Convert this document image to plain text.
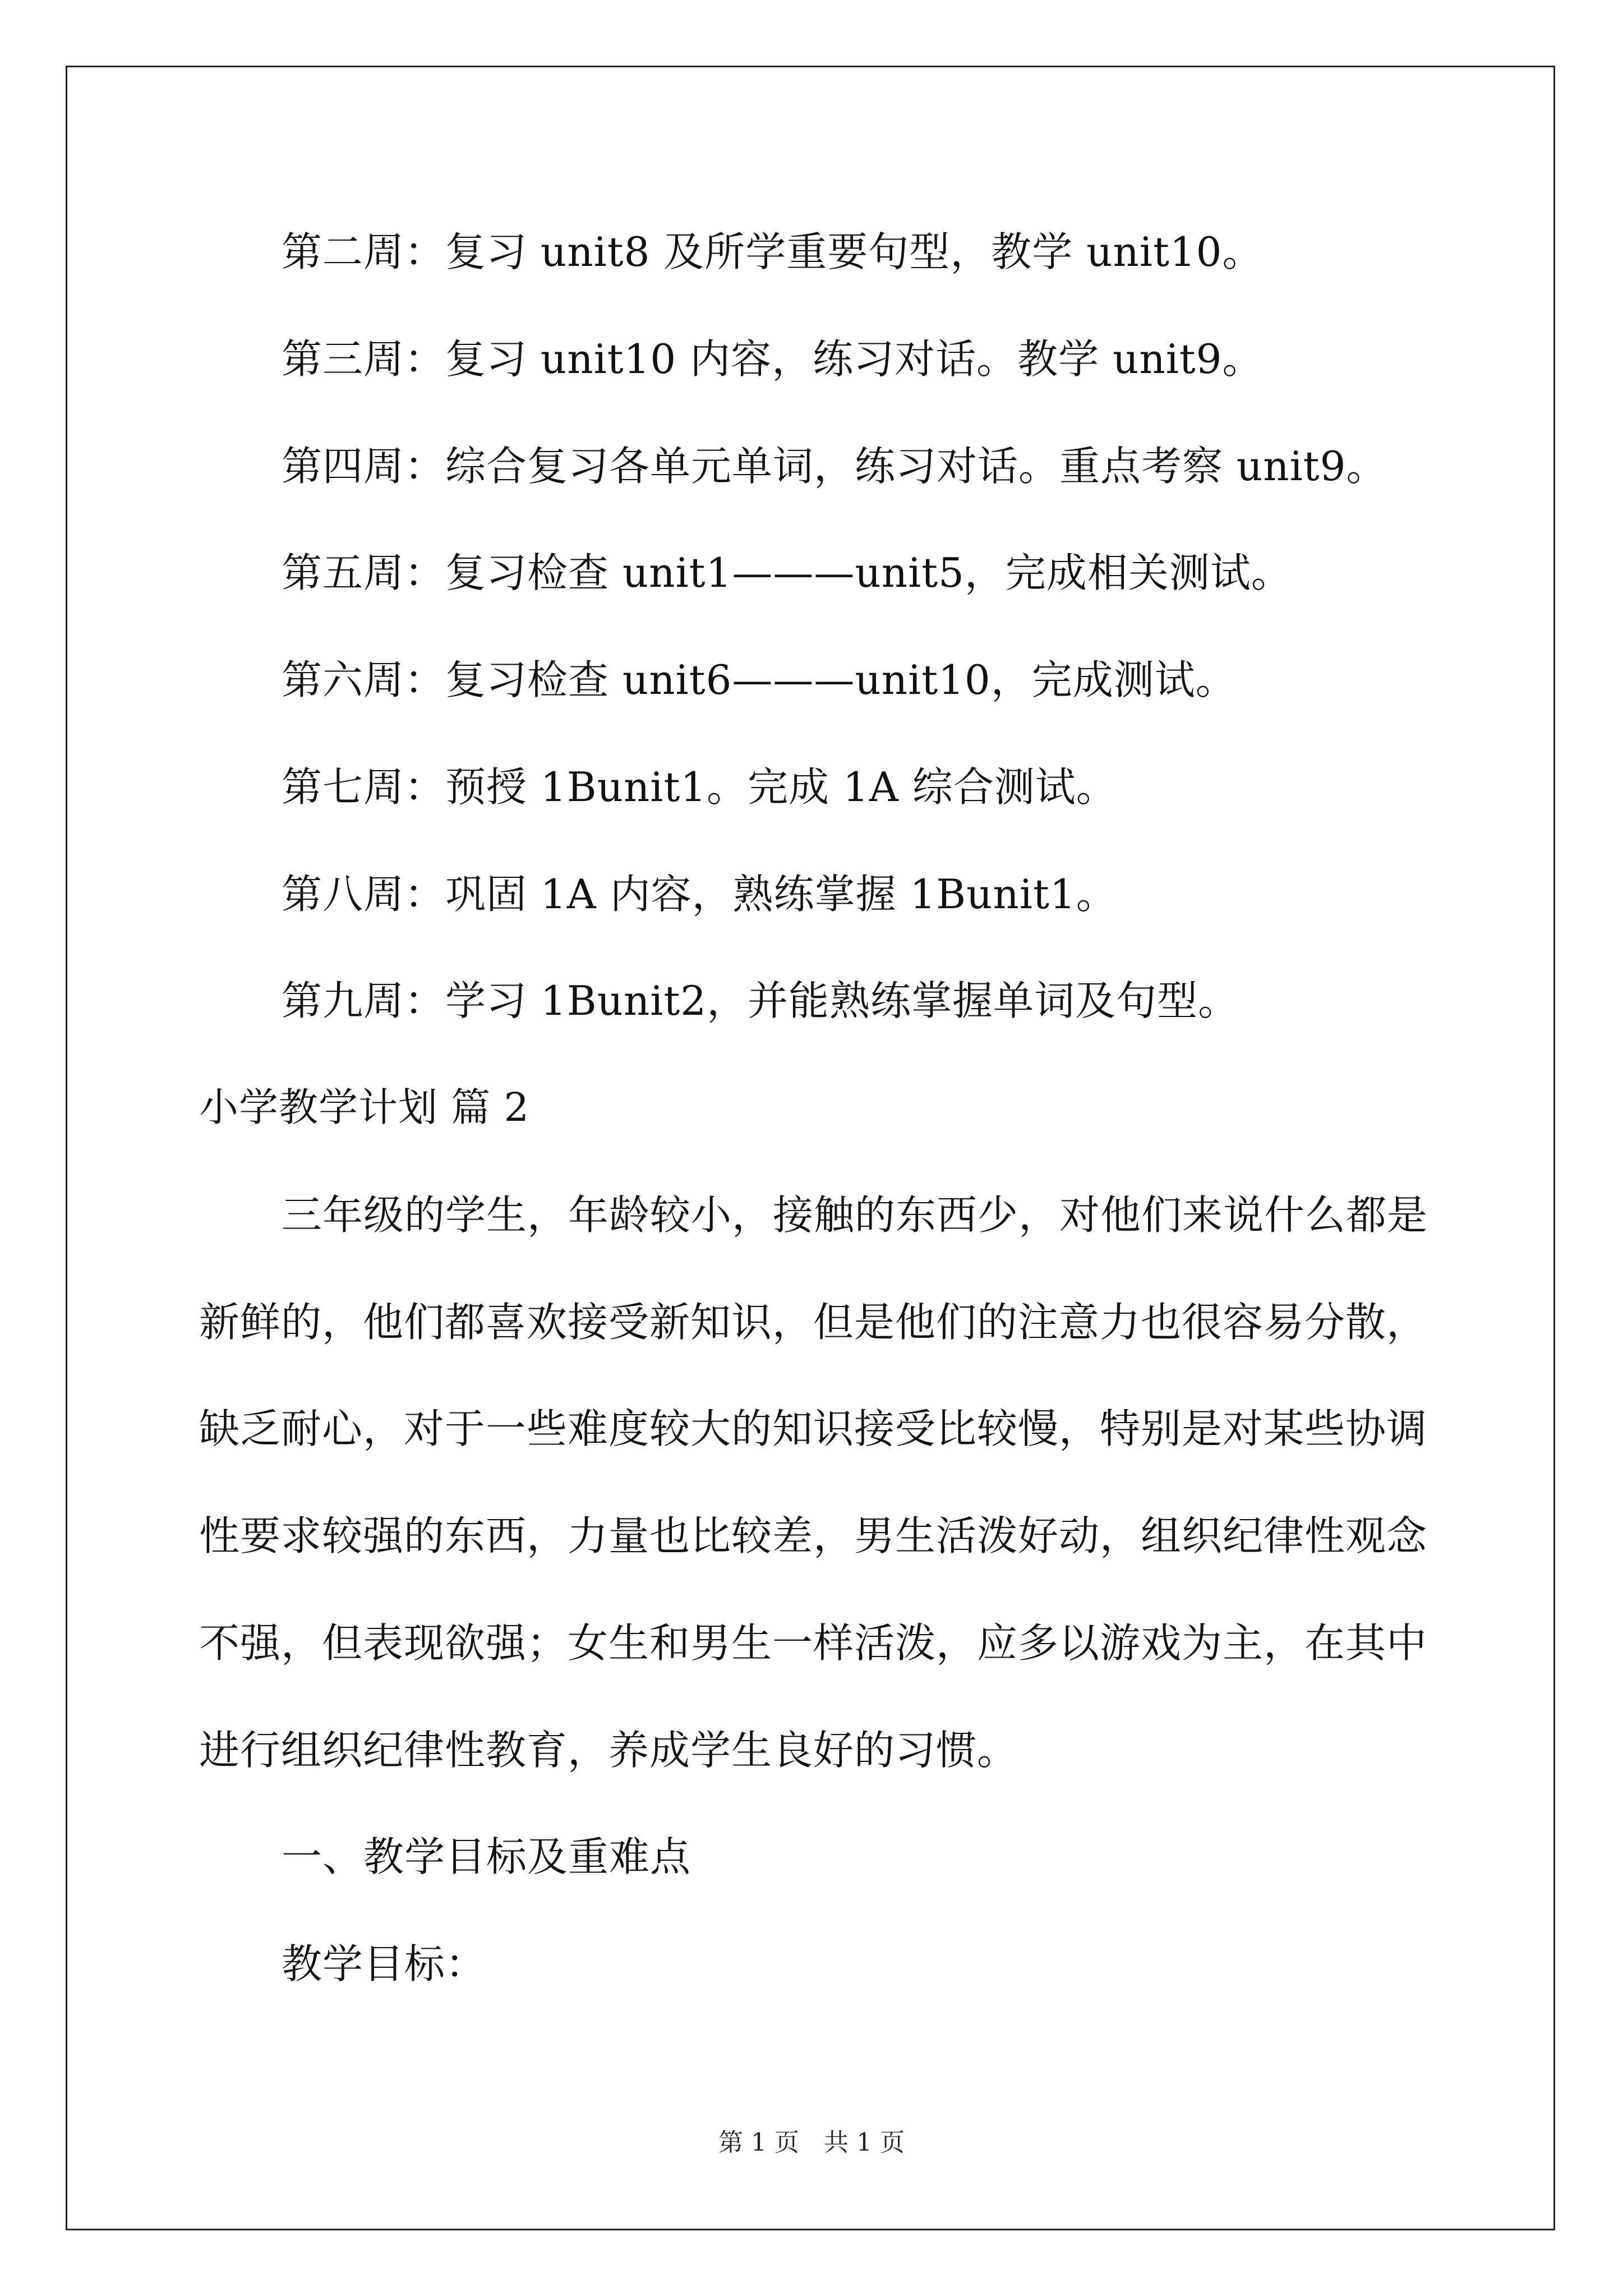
第二周：复习 unit8 及所学重要句型，教学 unit10。
第三周：复习 unit10 内容，练习对话。教学 unit9。
第四周：综合复习各单元单词，练习对话。重点考察 unit9。
第五周：复习检查 unit1———unit5，完成相关测试。
第六周：复习检查 unit6———unit10，完成测试。
第七周：预授 1Bunit1。完成 1A 综合测试。
第八周：巩固 1A 内容，熟练掌握 1Bunit1。
第九周：学习 1Bunit2，并能熟练掌握单词及句型。
小学教学计划 篇 2
三年级的学生，年龄较小，接触的东西少，对他们来说什么都是
新鲜的，他们都喜欢接受新知识，但是他们的注意力也很容易分散，
缺乏耐心，对于一些难度较大的知识接受比较慢，特别是对某些协调
性要求较强的东西，力量也比较差，男生活泼好动，组织纪律性观念
不强，但表现欲强；女生和男生一样活泼，应多以游戏为主，在其中
进行组织纪律性教育，养成学生良好的习惯。
一、教学目标及重难点
教学目标：
第 1 页　共 1 页
